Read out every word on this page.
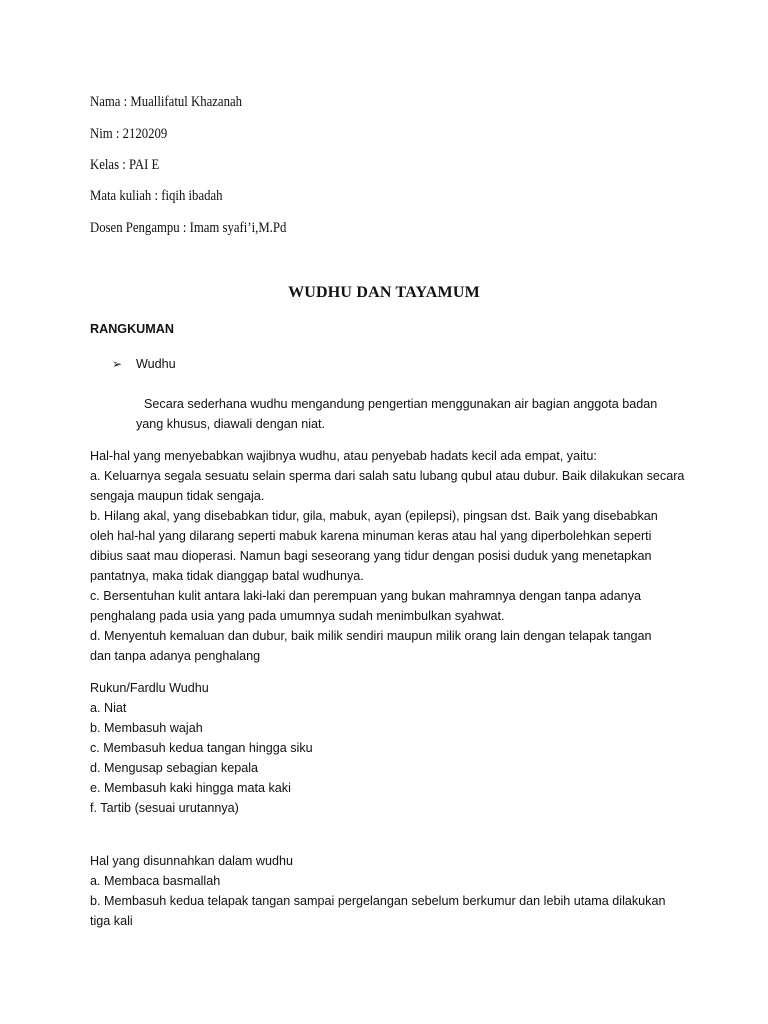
Nama : Muallifatul Khazanah
Nim : 2120209
Kelas : PAI E
Mata kuliah : fiqih ibadah
Dosen Pengampu : Imam syafi’i,M.Pd
WUDHU DAN TAYAMUM
RANGKUMAN
➢ Wudhu
Secara sederhana wudhu mengandung pengertian menggunakan air bagian anggota badan
yang khusus, diawali dengan niat.
Hal-hal yang menyebabkan wajibnya wudhu, atau penyebab hadats kecil ada empat, yaitu:
a. Keluarnya segala sesuatu selain sperma dari salah satu lubang qubul atau dubur. Baik dilakukan secara
sengaja maupun tidak sengaja.
b. Hilang akal, yang disebabkan tidur, gila, mabuk, ayan (epilepsi), pingsan dst. Baik yang disebabkan
oleh hal-hal yang dilarang seperti mabuk karena minuman keras atau hal yang diperbolehkan seperti
dibius saat mau dioperasi. Namun bagi seseorang yang tidur dengan posisi duduk yang menetapkan
pantatnya, maka tidak dianggap batal wudhunya.
c. Bersentuhan kulit antara laki-laki dan perempuan yang bukan mahramnya dengan tanpa adanya
penghalang pada usia yang pada umumnya sudah menimbulkan syahwat.
d. Menyentuh kemaluan dan dubur, baik milik sendiri maupun milik orang lain dengan telapak tangan
dan tanpa adanya penghalang
Rukun/Fardlu Wudhu
a. Niat
b. Membasuh wajah
c. Membasuh kedua tangan hingga siku
d. Mengusap sebagian kepala
e. Membasuh kaki hingga mata kaki
f. Tartib (sesuai urutannya)
Hal yang disunnahkan dalam wudhu
a. Membaca basmallah
b. Membasuh kedua telapak tangan sampai pergelangan sebelum berkumur dan lebih utama dilakukan
tiga kali
